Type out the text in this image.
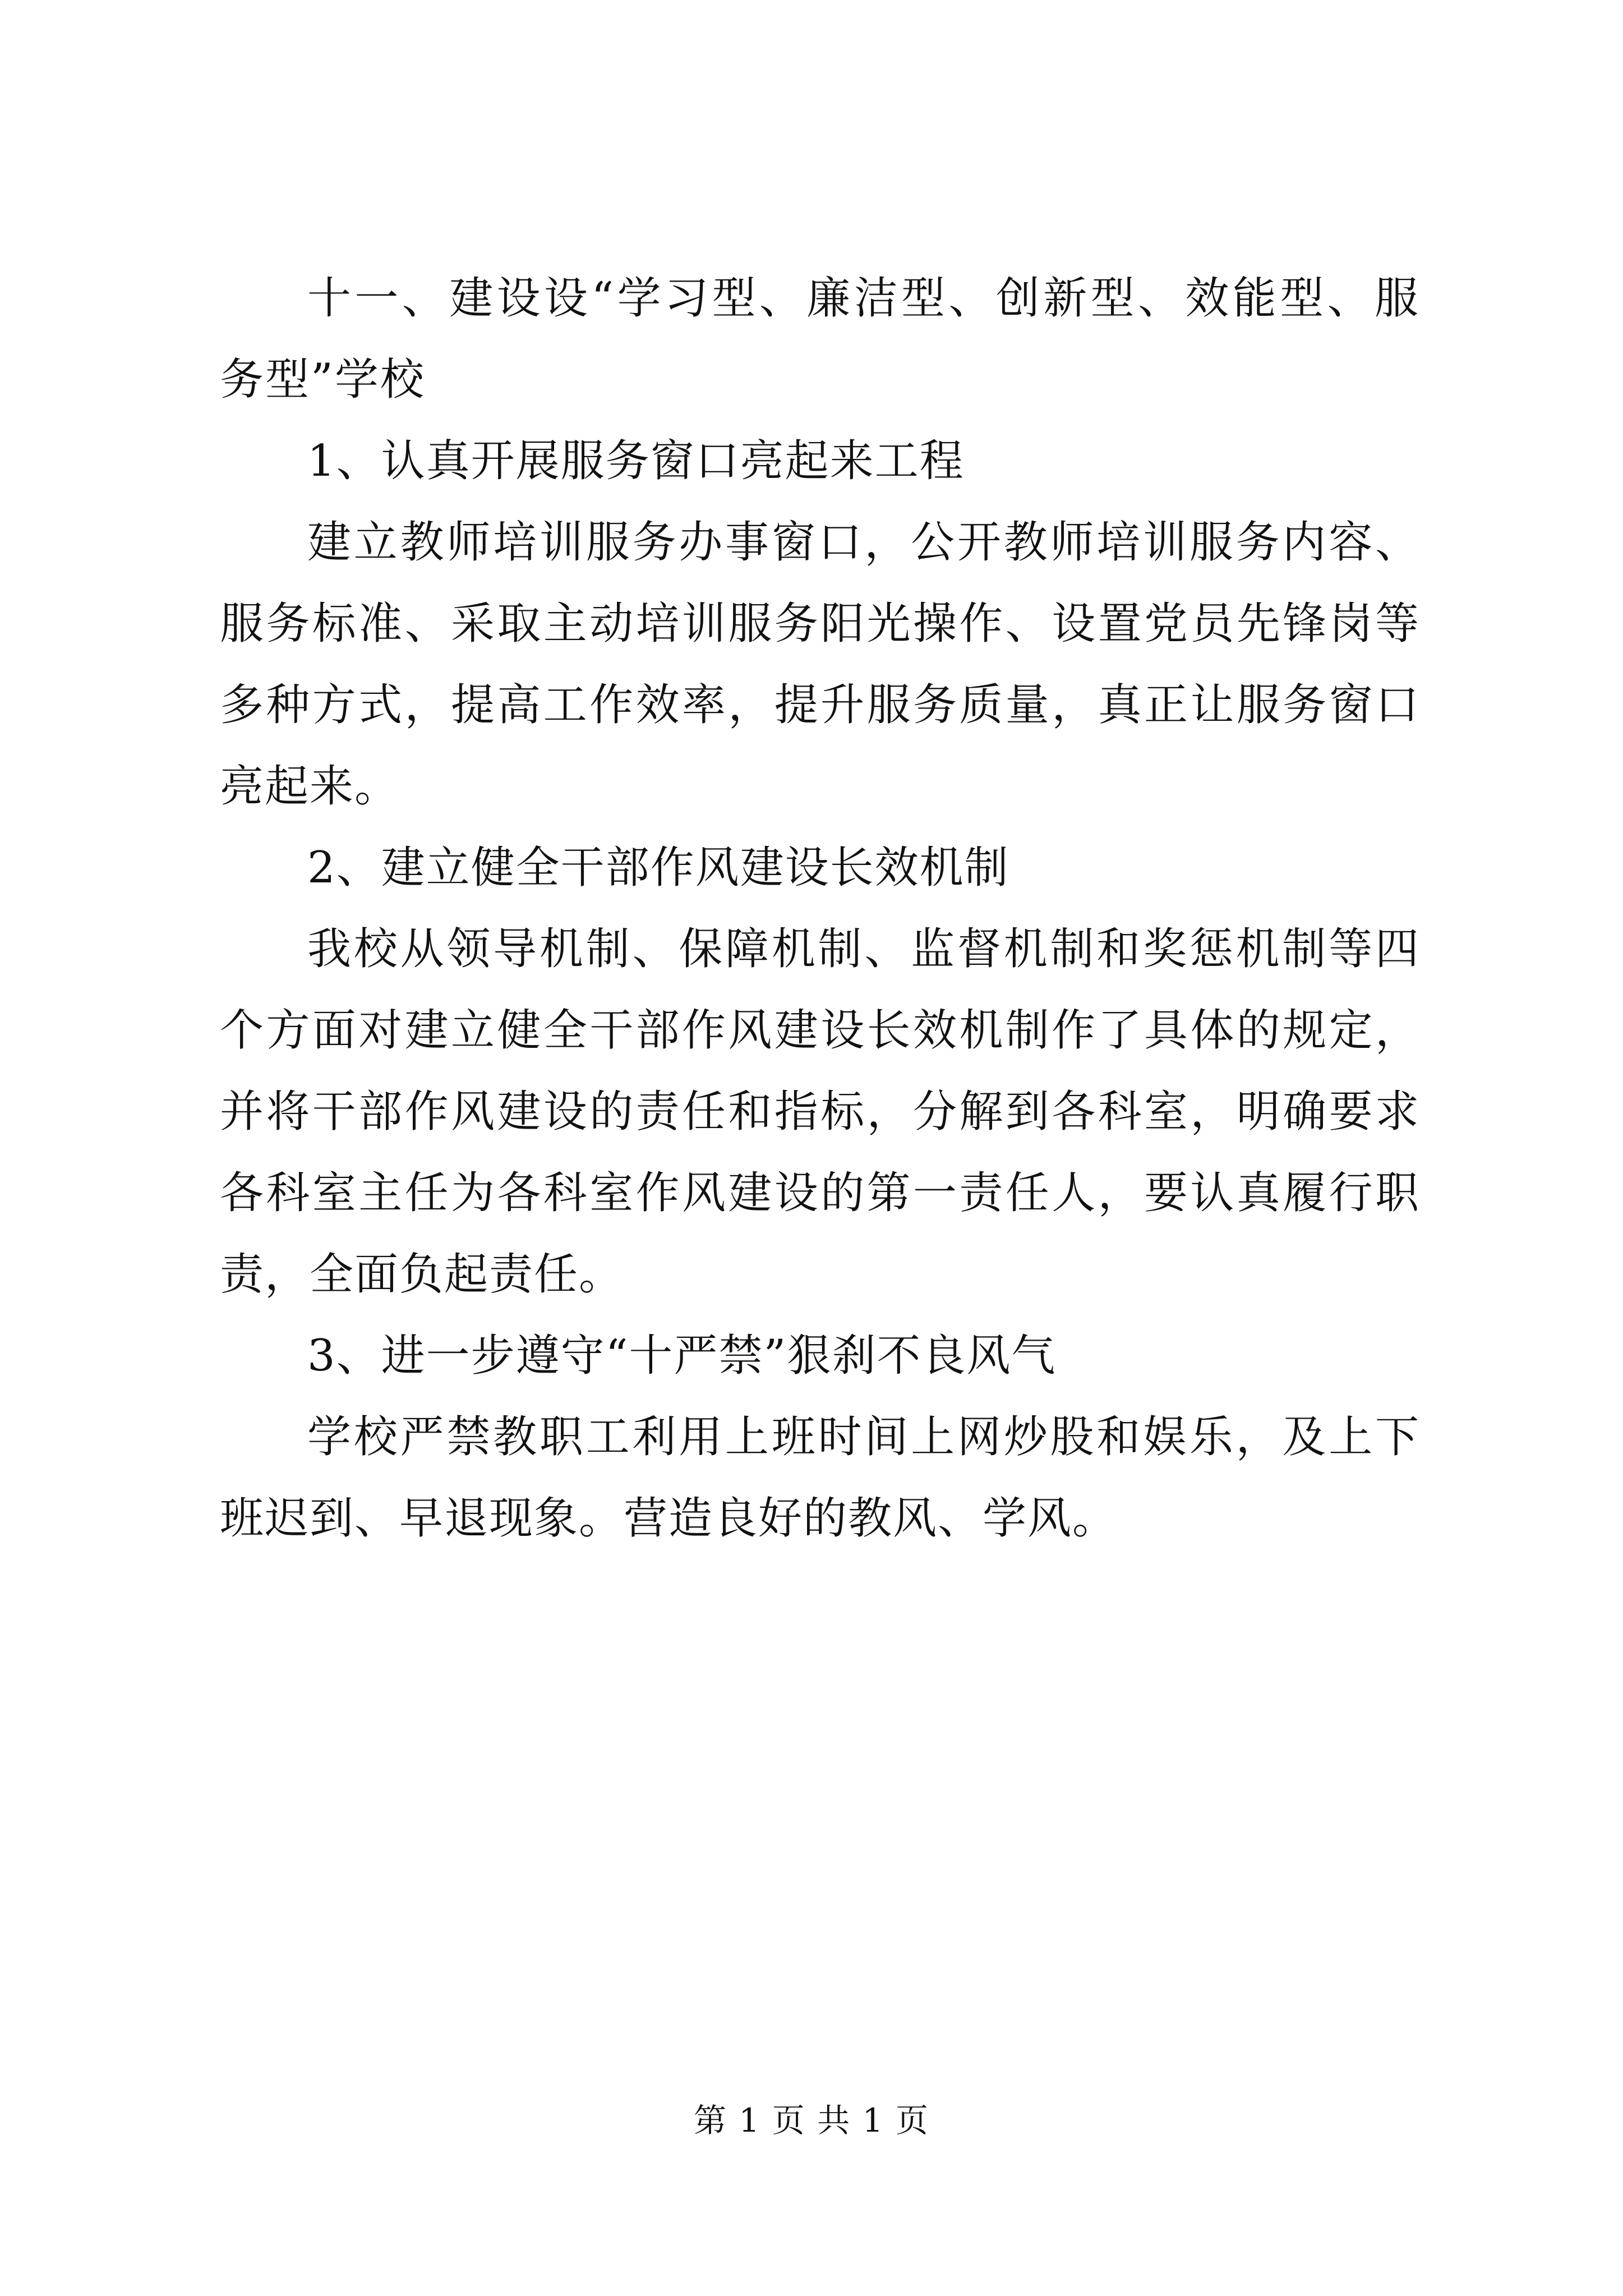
十一、建设设“学习型、廉洁型、创新型、效能型、服务型”学校

1、认真开展服务窗口亮起来工程

建立教师培训服务办事窗口，公开教师培训服务内容、服务标准、采取主动培训服务阳光操作、设置党员先锋岗等多种方式，提高工作效率，提升服务质量，真正让服务窗口亮起来。

2、建立健全干部作风建设长效机制

我校从领导机制、保障机制、监督机制和奖惩机制等四个方面对建立健全干部作风建设长效机制作了具体的规定，并将干部作风建设的责任和指标，分解到各科室，明确要求各科室主任为各科室作风建设的第一责任人，要认真履行职责，全面负起责任。

3、进一步遵守“十严禁”狠刹不良风气

学校严禁教职工利用上班时间上网炒股和娱乐，及上下班迟到、早退现象。营造良好的教风、学风。

第 1 页 共 1 页
